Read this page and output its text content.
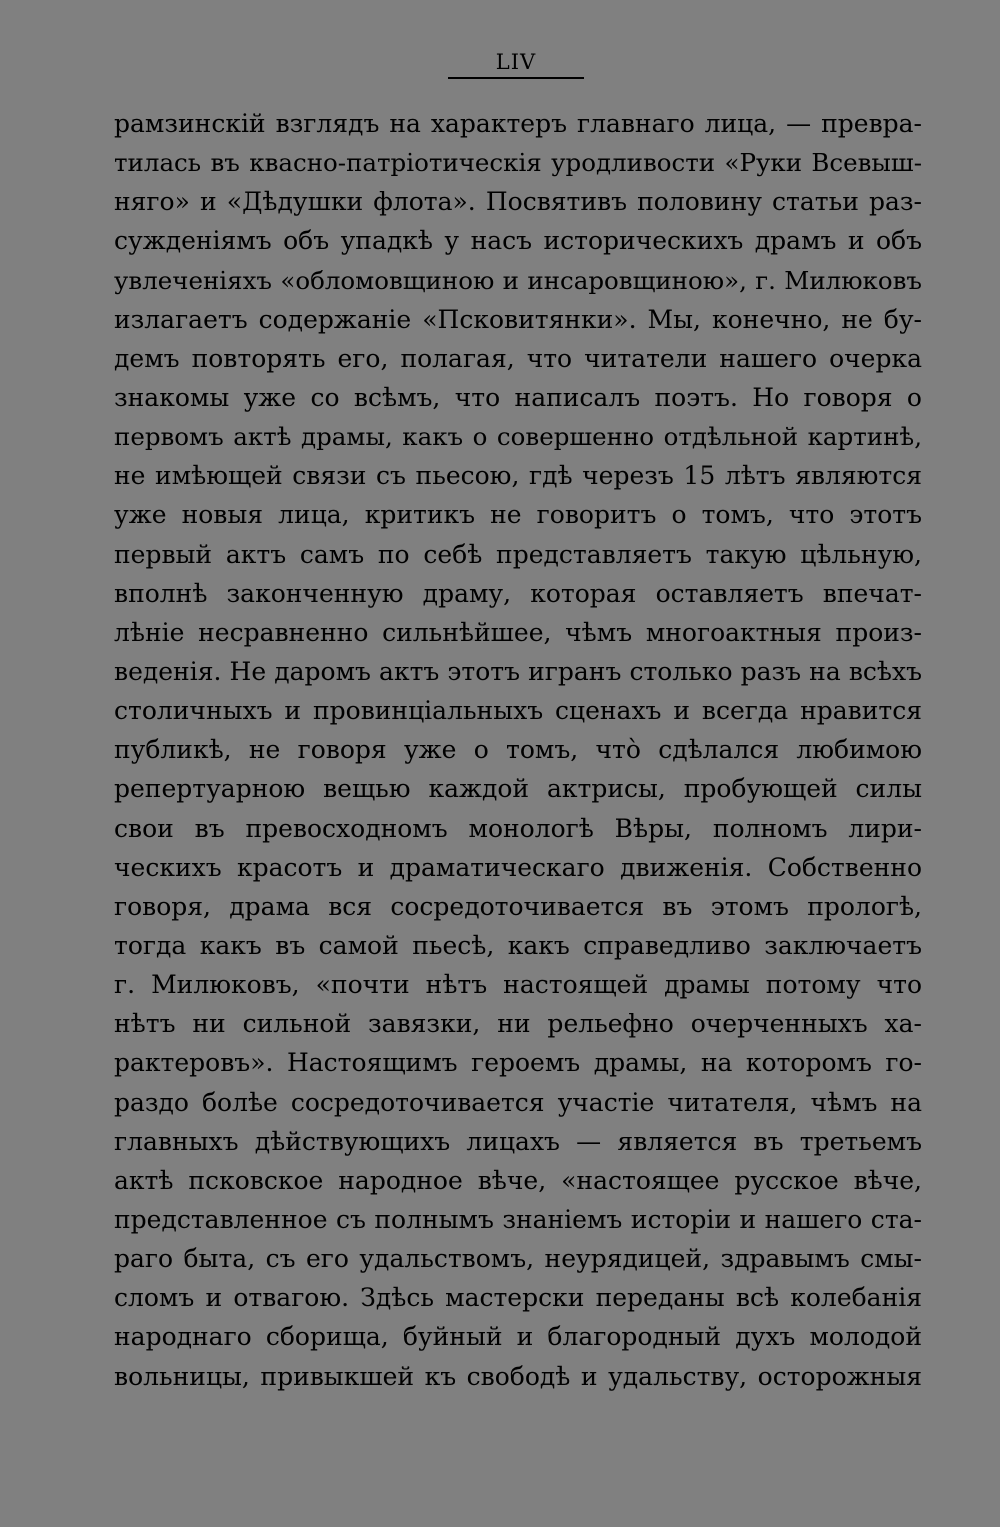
LIV
рамзинскій взглядъ на характеръ главнаго лица, — превра-
тилась въ квасно-патріотическія уродливости «Руки Всевыш-
няго» и «Дѣдушки флота». Посвятивъ половину статьи раз-
сужденіямъ объ упадкѣ у насъ историческихъ драмъ и объ
увлеченіяхъ «обломовщиною и инсаровщиною», г. Милюковъ
излагаетъ содержаніе «Псковитянки». Мы, конечно, не бу-
демъ повторять его, полагая, что читатели нашего очерка
знакомы уже со всѣмъ, что написалъ поэтъ. Но говоря о
первомъ актѣ драмы, какъ о совершенно отдѣльной картинѣ,
не имѣющей связи съ пьесою, гдѣ черезъ 15 лѣтъ являются
уже новыя лица, критикъ не говоритъ о томъ, что этотъ
первый актъ самъ по себѣ представляетъ такую цѣльную,
вполнѣ законченную драму, которая оставляетъ впечат-
лѣніе несравненно сильнѣйшее, чѣмъ многоактныя произ-
веденія. Не даромъ актъ этотъ игранъ столько разъ на всѣхъ
столичныхъ и провинціальныхъ сценахъ и всегда нравится
публикѣ, не говоря уже о томъ, что̀ сдѣлался любимою
репертуарною вещью каждой актрисы, пробующей силы
свои въ превосходномъ монологѣ Вѣры, полномъ лири-
ческихъ красотъ и драматическаго движенія. Собственно
говоря, драма вся сосредоточивается въ этомъ прологѣ,
тогда какъ въ самой пьесѣ, какъ справедливо заключаетъ
г. Милюковъ, «почти нѣтъ настоящей драмы потому что
нѣтъ ни сильной завязки, ни рельефно очерченныхъ ха-
рактеровъ». Настоящимъ героемъ драмы, на которомъ го-
раздо болѣе сосредоточивается участіе читателя, чѣмъ на
главныхъ дѣйствующихъ лицахъ — является въ третьемъ
актѣ псковское народное вѣче, «настоящее русское вѣче,
представленное съ полнымъ знаніемъ исторіи и нашего ста-
раго быта, съ его удальствомъ, неурядицей, здравымъ смы-
сломъ и отвагою. Здѣсь мастерски переданы всѣ колебанія
народнаго сборища, буйный и благородный духъ молодой
вольницы, привыкшей къ свободѣ и удальству, осторожныя
